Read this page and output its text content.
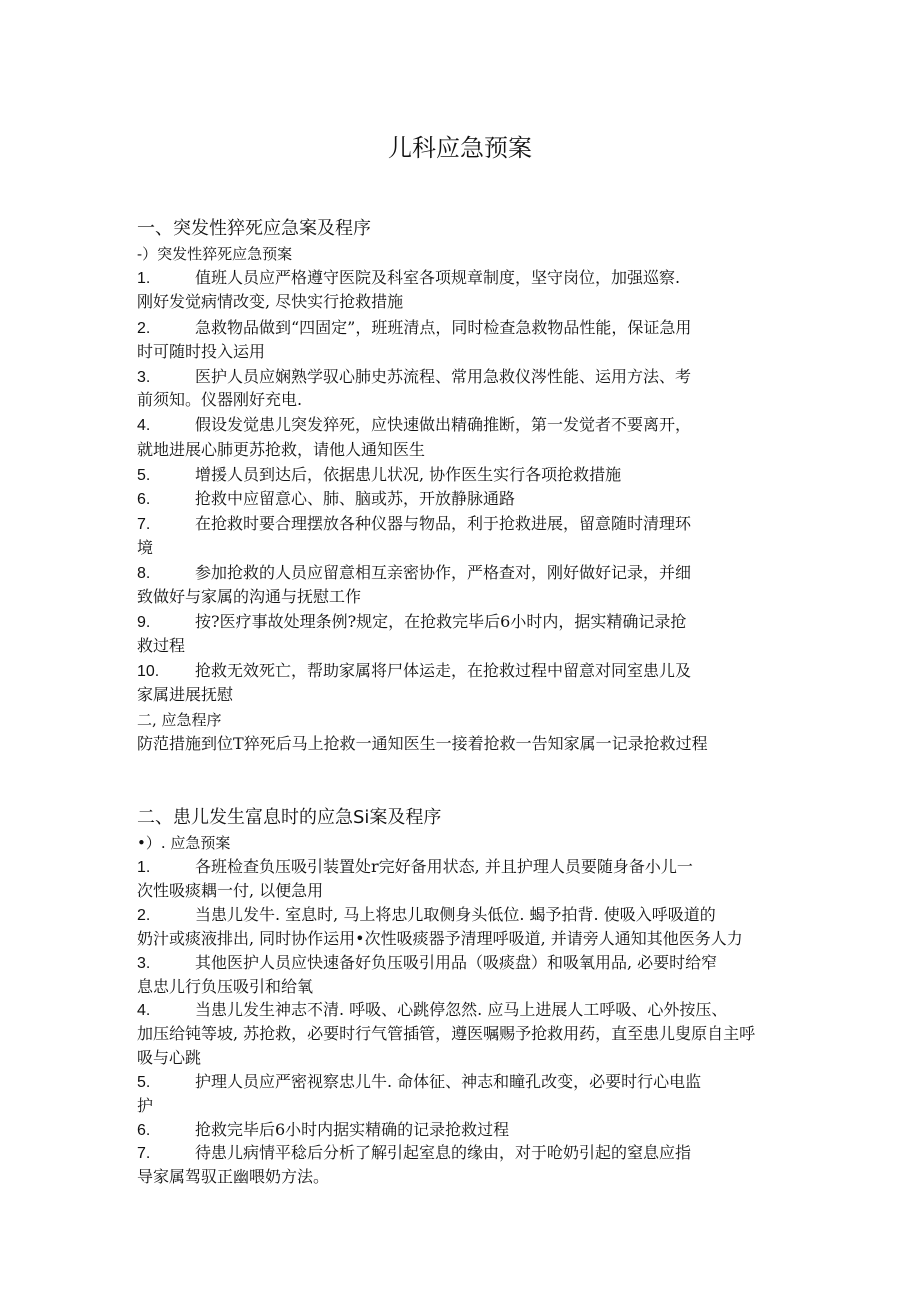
儿科应急预案
一、突发性猝死应急案及程序
-）突发性猝死应急预案
1.	值班人员应严格遵守医院及科室各项规章制度，坚守岗位，加强巡察.
刚好发觉病情改变, 尽快实行抢救措施
2.	急救物品做到“四固定”，班班清点，同时检查急救物品性能，保证急用
时可随时投入运用
3.	医护人员应娴熟学驭心肺史苏流程、常用急救仪涔性能、运用方法、考
前须知。仪器刚好充电.
4.	假设发觉患儿突发猝死，应快速做出精确推断，第一发觉者不要离开，
就地进展心肺更苏抢救，请他人通知医生
5.	增援人员到达后，依据患儿状况, 协作医生实行各项抢救措施
6.	抢救中应留意心、肺、脑或苏，开放静脉通路
7.	在抢救时要合理摆放各种仪器与物品，利于抢救进展，留意随时清理环
境
8.	参加抢救的人员应留意相互亲密协作，严格查对，刚好做好记录，并细
致做好与家属的沟通与抚慰工作
9.	按?医疗事故处理条例?规定，在抢救完毕后6小时内，据实精确记录抢
救过程
10. 抢救无效死亡，帮助家属将尸体运走，在抢救过程中留意对同室患儿及
家属进展抚慰
二, 应急程序
防范措施到位T猝死后马上抢救一通知医生一接着抢救一告知家属一记录抢救过程
二、患儿发生富息时的应急Si案及程序
•）. 应急预案
1.	各班检查负压吸引装置处r完好备用状态, 并且护理人员要随身备小儿一
次性吸痰耦一付, 以便急用
2.	当患儿发牛. 室息时, 马上将忠儿取侧身头低位. 蝎予拍背. 使吸入呼吸道的
奶汁或痰液排出, 同时协作运用•次性吸痰器予清理呼吸道, 并请旁人通知其他医务人力
3.	其他医护人员应快速备好负压吸引用品（吸痰盘）和吸氧用品, 必要时给窄
息忠儿行负压吸引和给氧
4.	当患儿发生神志不清. 呼吸、心跳停忽然. 应马上进展人工呼吸、心外按压、
加压给钝等坡, 苏抢救，必要时行气管插管，遵医嘱赐予抢救用药，直至患儿叟原自主呼
吸与心跳
5.	护理人员应严密视察忠儿牛. 命体征、神志和瞳孔改变，必要时行心电监
护
6.	抢救完毕后6小时内据实精确的记录抢救过程
7.	待患儿病情平稔后分析了解引起室息的缘由，对于呛奶引起的窒息应指
导家属驾驭正幽喂奶方法。
